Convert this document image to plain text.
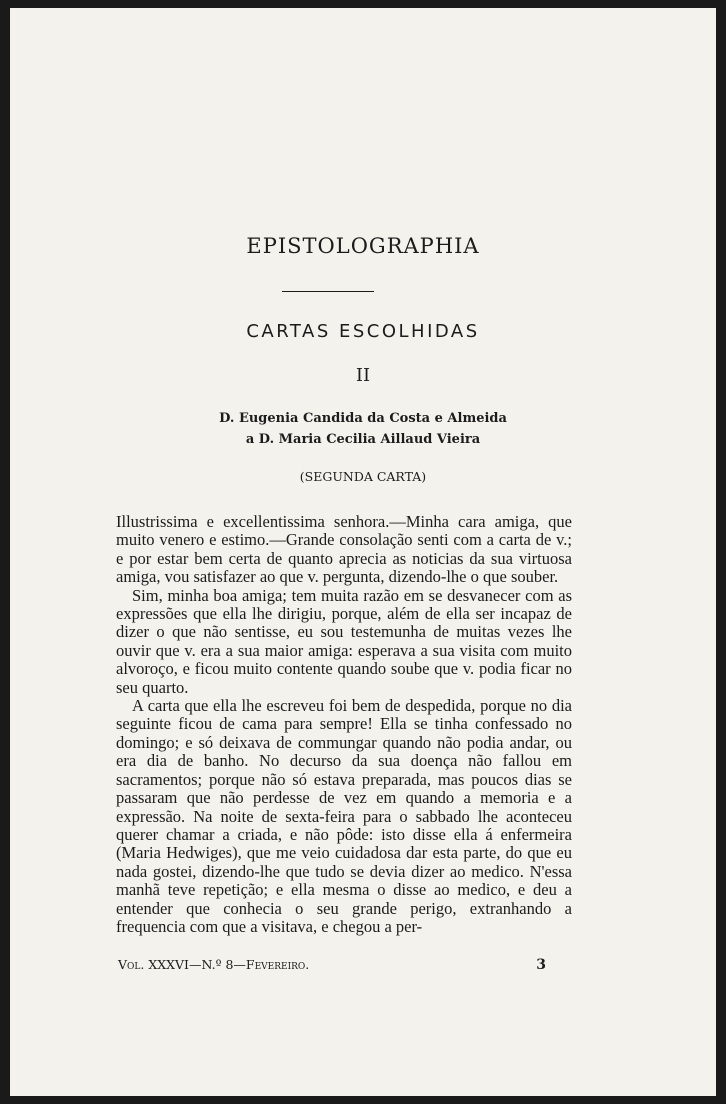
EPISTOLOGRAPHIA
CARTAS ESCOLHIDAS
II
D. Eugenia Candida da Costa e Almeida
a D. Maria Cecilia Aillaud Vieira
(SEGUNDA CARTA)

Illustrissima e excellentissima senhora.—Minha cara amiga, que muito venero e estimo.—Grande consolação senti com a carta de v.; e por estar bem certa de quanto aprecia as noticias da sua virtuosa amiga, vou satisfazer ao que v. pergunta, dizendo-lhe o que souber.

Sim, minha boa amiga; tem muita razão em se desvanecer com as expressões que ella lhe dirigiu, porque, além de ella ser incapaz de dizer o que não sentisse, eu sou testemunha de muitas vezes lhe ouvir que v. era a sua maior amiga: esperava a sua visita com muito alvoroço, e ficou muito contente quando soube que v. podia ficar no seu quarto.

A carta que ella lhe escreveu foi bem de despedida, porque no dia seguinte ficou de cama para sempre! Ella se tinha confessado no domingo; e só deixava de commungar quando não podia andar, ou era dia de banho. No decurso da sua doença não fallou em sacramentos; porque não só estava preparada, mas poucos dias se passaram que não perdesse de vez em quando a memoria e a expressão. Na noite de sexta-feira para o sabbado lhe aconteceu querer chamar a criada, e não pôde: isto disse ella á enfermeira (Maria Hedwiges), que me veio cuidadosa dar esta parte, do que eu nada gostei, dizendo-lhe que tudo se devia dizer ao medico. N'essa manhã teve repetição; e ella mesma o disse ao medico, e deu a entender que conhecia o seu grande perigo, extranhando a frequencia com que a visitava, e chegou a per-

Vol. XXXVI—N.º 8—Fevereiro.	3
